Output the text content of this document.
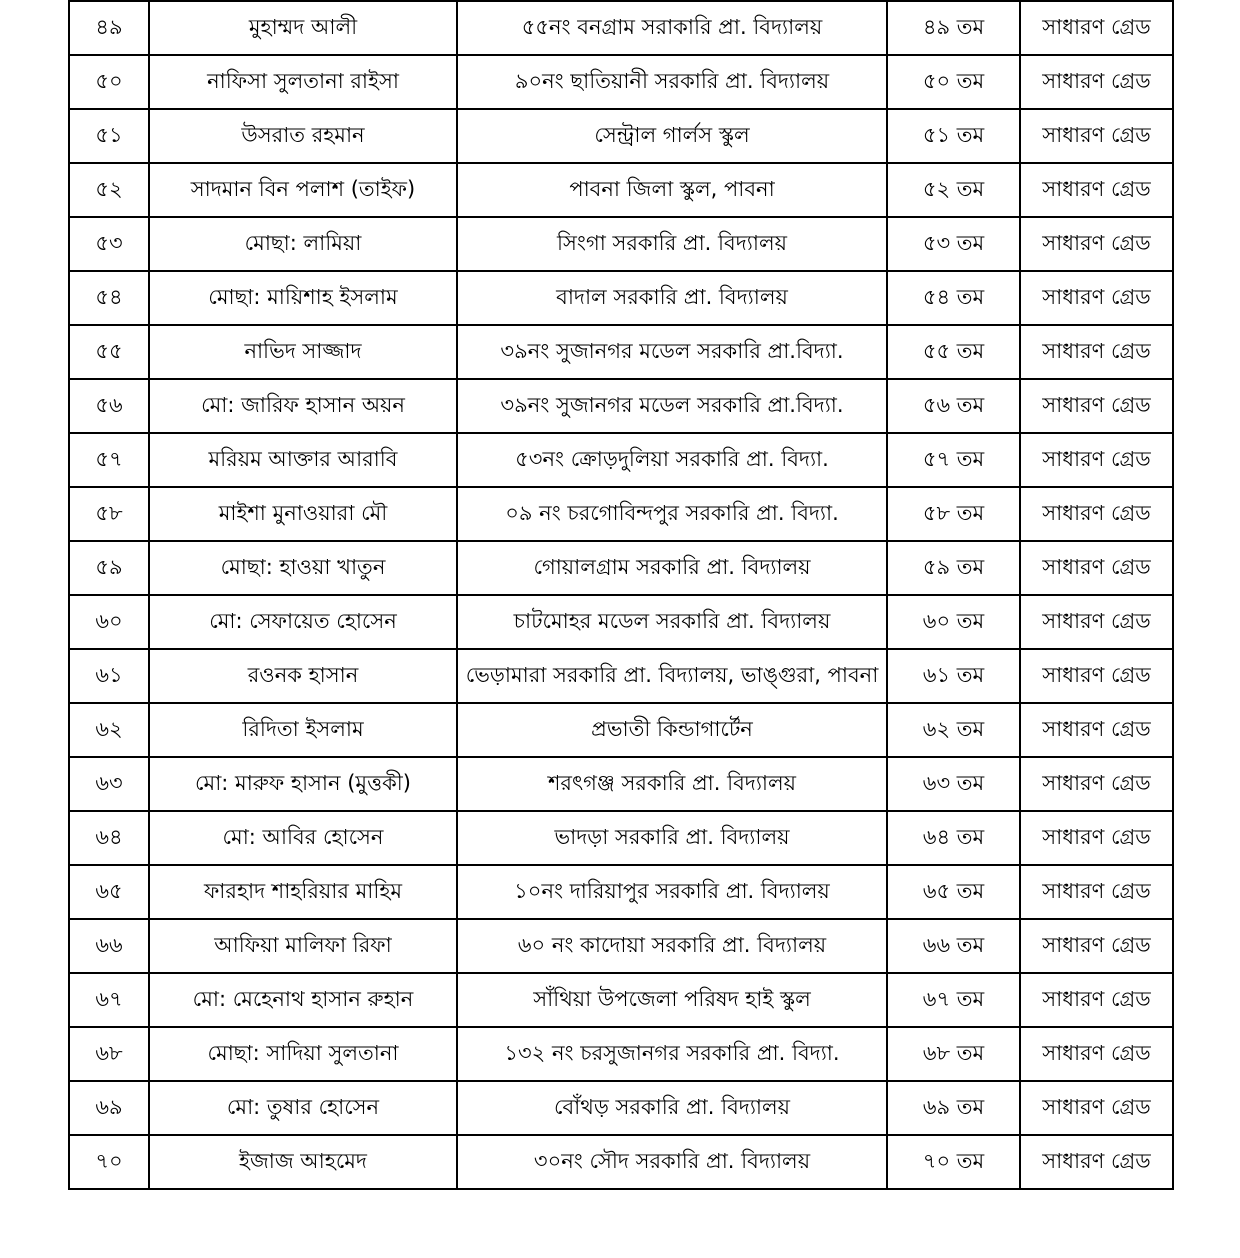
৪৯	মুহাম্মদ আলী	৫৫নং বনগ্রাম সরাকারি প্রা. বিদ্যালয়	৪৯ তম	সাধারণ গ্রেড
৫০	নাফিসা সুলতানা রাইসা	৯০নং ছাতিয়ানী সরকারি প্রা. বিদ্যালয়	৫০ তম	সাধারণ গ্রেড
৫১	উসরাত রহমান	সেন্ট্রাল গার্লস স্কুল	৫১ তম	সাধারণ গ্রেড
৫২	সাদমান বিন পলাশ (তাইফ)	পাবনা জিলা স্কুল, পাবনা	৫২ তম	সাধারণ গ্রেড
৫৩	মোছা: লামিয়া	সিংগা সরকারি প্রা. বিদ্যালয়	৫৩ তম	সাধারণ গ্রেড
৫৪	মোছা: মায়িশাহ ইসলাম	বাদাল সরকারি প্রা. বিদ্যালয়	৫৪ তম	সাধারণ গ্রেড
৫৫	নাভিদ সাজ্জাদ	৩৯নং সুজানগর মডেল সরকারি প্রা.বিদ্যা.	৫৫ তম	সাধারণ গ্রেড
৫৬	মো: জারিফ হাসান অয়ন	৩৯নং সুজানগর মডেল সরকারি প্রা.বিদ্যা.	৫৬ তম	সাধারণ গ্রেড
৫৭	মরিয়ম আক্তার আরাবি	৫৩নং ক্রোড়দুলিয়া সরকারি প্রা. বিদ্যা.	৫৭ তম	সাধারণ গ্রেড
৫৮	মাইশা মুনাওয়ারা মৌ	০৯ নং চরগোবিন্দপুর সরকারি প্রা. বিদ্যা.	৫৮ তম	সাধারণ গ্রেড
৫৯	মোছা: হাওয়া খাতুন	গোয়ালগ্রাম সরকারি প্রা. বিদ্যালয়	৫৯ তম	সাধারণ গ্রেড
৬০	মো: সেফায়েত হোসেন	চাটমোহর মডেল সরকারি প্রা. বিদ্যালয়	৬০ তম	সাধারণ গ্রেড
৬১	রওনক হাসান	ভেড়ামারা সরকারি প্রা. বিদ্যালয়, ভাঙ্গুরা, পাবনা	৬১ তম	সাধারণ গ্রেড
৬২	রিদিতা ইসলাম	প্রভাতী কিন্ডাগার্টেন	৬২ তম	সাধারণ গ্রেড
৬৩	মো: মারুফ হাসান (মুত্তকী)	শরৎগঞ্জ সরকারি প্রা. বিদ্যালয়	৬৩ তম	সাধারণ গ্রেড
৬৪	মো: আবির হোসেন	ভাদড়া সরকারি প্রা. বিদ্যালয়	৬৪ তম	সাধারণ গ্রেড
৬৫	ফারহাদ শাহরিয়ার মাহিম	১০নং দারিয়াপুর সরকারি প্রা. বিদ্যালয়	৬৫ তম	সাধারণ গ্রেড
৬৬	আফিয়া মালিফা রিফা	৬০ নং কাদোয়া সরকারি প্রা. বিদ্যালয়	৬৬ তম	সাধারণ গ্রেড
৬৭	মো: মেহেনাথ হাসান রুহান	সাঁথিয়া উপজেলা পরিষদ হাই স্কুল	৬৭ তম	সাধারণ গ্রেড
৬৮	মোছা: সাদিয়া সুলতানা	১৩২ নং চরসুজানগর সরকারি প্রা. বিদ্যা.	৬৮ তম	সাধারণ গ্রেড
৬৯	মো: তুষার হোসেন	বোঁথড় সরকারি প্রা. বিদ্যালয়	৬৯ তম	সাধারণ গ্রেড
৭০	ইজাজ আহমেদ	৩০নং সৌদ সরকারি প্রা. বিদ্যালয়	৭০ তম	সাধারণ গ্রেড
